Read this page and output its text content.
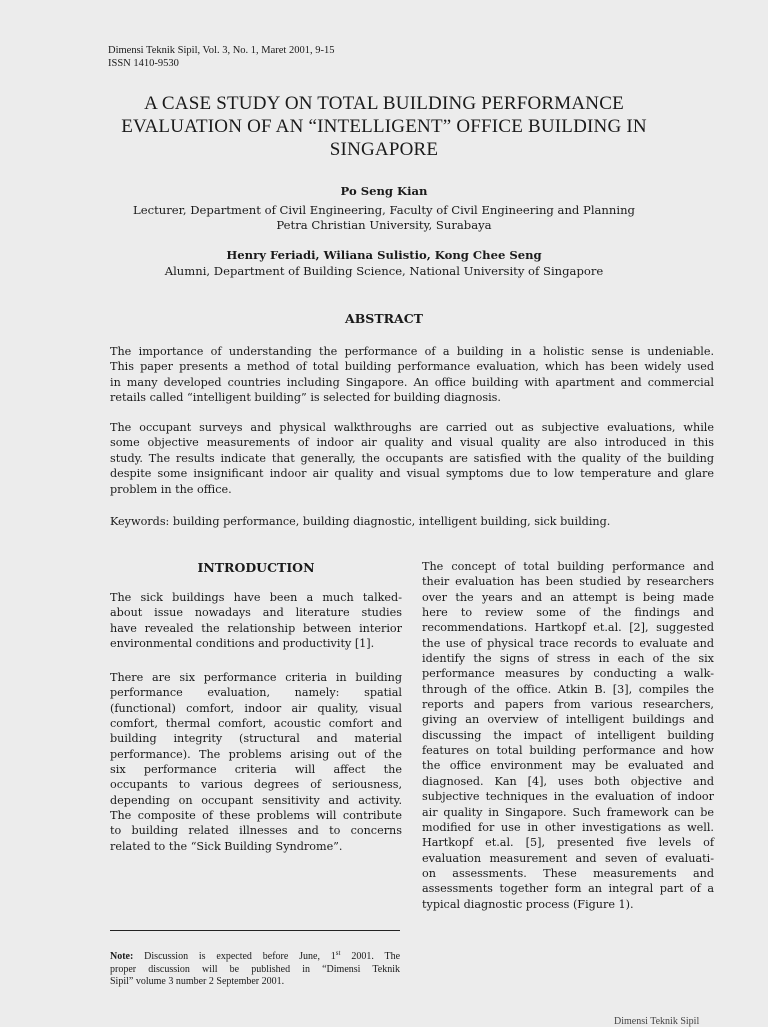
Dimensi Teknik Sipil, Vol. 3, No. 1, Maret 2001, 9-15
ISSN 1410-9530
A CASE STUDY ON TOTAL BUILDING PERFORMANCE
EVALUATION OF AN “INTELLIGENT” OFFICE BUILDING IN
SINGAPORE
Po Seng Kian
Lecturer, Department of Civil Engineering, Faculty of Civil Engineering and Planning
Petra Christian University, Surabaya
Henry Feriadi, Wiliana Sulistio, Kong Chee Seng
Alumni, Department of Building Science, National University of Singapore
ABSTRACT
The importance of understanding the performance of a building in a holistic sense is undeniable.
This paper presents a method of total building performance evaluation, which has been widely used
in many developed countries including Singapore. An office building with apartment and commercial
retails called “intelligent building” is selected for building diagnosis.
The occupant surveys and physical walkthroughs are carried out as subjective evaluations, while
some objective measurements of indoor air quality and visual quality are also introduced in this
study. The results indicate that generally, the occupants are satisfied with the quality of the building
despite some insignificant indoor air quality and visual symptoms due to low temperature and glare
problem in the office.
Keywords: building performance, building diagnostic, intelligent building, sick building.
INTRODUCTION
The sick buildings have been a much talked-
about issue nowadays and literature studies
have revealed the relationship between interior
environmental conditions and productivity [1].
There are six performance criteria in building
performance evaluation, namely: spatial
(functional) comfort, indoor air quality, visual
comfort, thermal comfort, acoustic comfort and
building integrity (structural and material
performance). The problems arising out of the
six performance criteria will affect the
occupants to various degrees of seriousness,
depending on occupant sensitivity and activity.
The composite of these problems will contribute
to building related illnesses and to concerns
related to the “Sick Building Syndrome”.
The concept of total building performance and
their evaluation has been studied by researchers
over the years and an attempt is being made
here to review some of the findings and
recommendations. Hartkopf et.al. [2], suggested
the use of physical trace records to evaluate and
identify the signs of stress in each of the six
performance measures by conducting a walk-
through of the office. Atkin B. [3], compiles the
reports and papers from various researchers,
giving an overview of intelligent buildings and
discussing the impact of intelligent building
features on total building performance and how
the office environment may be evaluated and
diagnosed. Kan [4], uses both objective and
subjective techniques in the evaluation of indoor
air quality in Singapore. Such framework can be
modified for use in other investigations as well.
Hartkopf et.al. [5], presented five levels of
evaluation measurement and seven of evaluati-
on assessments. These measurements and
assessments together form an integral part of a
typical diagnostic process (Figure 1).
Note: Discussion is expected before June, 1st 2001. The
proper discussion will be published in “Dimensi Teknik
Sipil” volume 3 number 2 September 2001.
Dimensi Teknik Sipil
